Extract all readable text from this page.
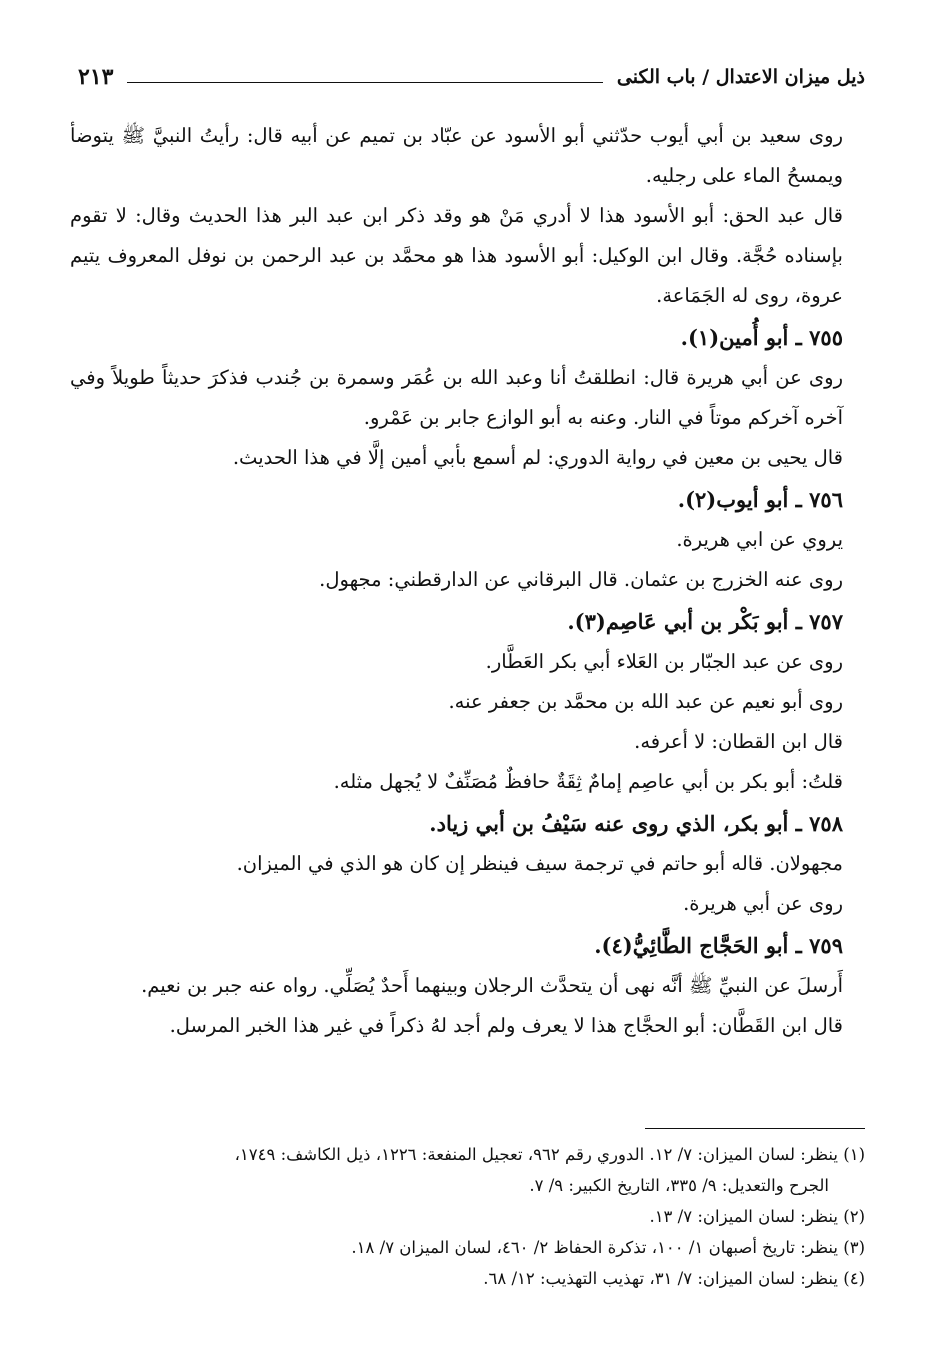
ذيل ميزان الاعتدال / باب الكنى
٢١٣

روى سعيد بن أبي أيوب حدّثني أبو الأسود عن عبّاد بن تميم عن أبيه قال: رأيتُ النبيَّ ﷺ يتوضأ ويمسحُ الماء على رجليه.

قال عبد الحق: أبو الأسود هذا لا أدري مَنْ هو وقد ذكر ابن عبد البر هذا الحديث وقال: لا تقوم بإسناده حُجَّة. وقال ابن الوكيل: أبو الأسود هذا هو محمَّد بن عبد الرحمن بن نوفل المعروف يتيم عروة، روى له الجَمَاعة.

٧٥٥ ـ أبو أُمين(١).

روى عن أبي هريرة قال: انطلقتُ أنا وعبد الله بن عُمَر وسمرة بن جُندب فذكرَ حديثاً طويلاً وفي آخره آخركم موتاً في النار. وعنه به أبو الوازع جابر بن عَمْرو.

قال يحيى بن معين في رواية الدوري: لم أسمع بأبي أمين إلَّا في هذا الحديث.

٧٥٦ ـ أبو أيوب(٢).

يروي عن ابي هريرة.

روى عنه الخزرج بن عثمان. قال البرقاني عن الدارقطني: مجهول.

٧٥٧ ـ أبو بَكْر بن أبي عَاصِم(٣).

روى عن عبد الجبّار بن العَلاء أبي بكر العَطَّار.

روى أبو نعيم عن عبد الله بن محمَّد بن جعفر عنه.

قال ابن القطان: لا أعرفه.

قلتُ: أبو بكر بن أبي عاصِم إمامٌ ثِقَةٌ حافظٌ مُصَنِّفٌ لا يُجهل مثله.

٧٥٨ ـ أبو بكر، الذي روى عنه سَيْفُ بن أبي زياد.

مجهولان. قاله أبو حاتم في ترجمة سيف فينظر إن كان هو الذي في الميزان.

روى عن أبي هريرة.

٧٥٩ ـ أبو الحَجَّاج الطَّائِيُّ(٤).

أَرسلَ عن النبيِّ ﷺ أنَّه نهى أن يتحدَّث الرجلان وبينهما أَحدٌ يُصَلِّي. رواه عنه جبر بن نعيم.

قال ابن القَطَّان: أبو الحجَّاج هذا لا يعرف ولم أجد لهُ ذكراً في غير هذا الخبر المرسل.

(١) ينظر: لسان الميزان: ٧/ ١٢. الدوري رقم ٩٦٢، تعجيل المنفعة: ١٢٢٦، ذيل الكاشف: ١٧٤٩،

الجرح والتعديل: ٩/ ٣٣٥، التاريخ الكبير: ٩/ ٧.

(٢) ينظر: لسان الميزان: ٧/ ١٣.

(٣) ينظر: تاريخ أصبهان ١/ ١٠٠، تذكرة الحفاظ ٢/ ٤٦٠، لسان الميزان ٧/ ١٨.

(٤) ينظر: لسان الميزان: ٧/ ٣١، تهذيب التهذيب: ١٢/ ٦٨.
